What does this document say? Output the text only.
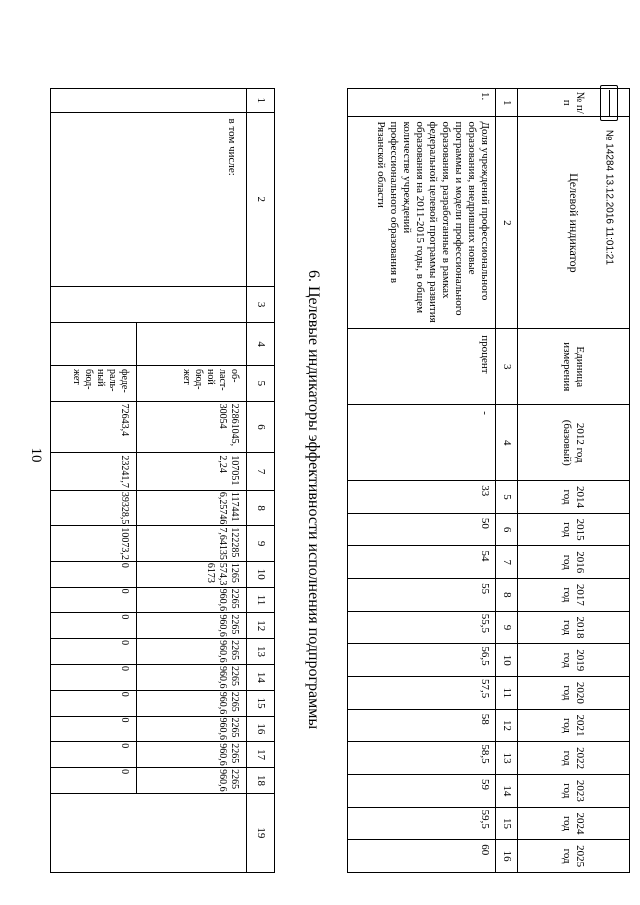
1	2	3	4	5	6	7	8	9	10	11	12	13	14	15	16	17	18	19
	в том числе:			об-
ласт-
ной
бюд-
жет	22861045,30054	1070512,24	1174416,25746	1222857,64135	1265574,36173	2265960,6	2265960,6	2265960,6	2265960,6	2265960,6	2265960,6	2265960,6	2265960,6	
				феде-
раль-
ный
бюд-
жет	72643,4	23241,7	39328,5	10073,2	0	0	0	0	0	0	0	0	0	
10	6. Целевые индикаторы эффективности исполнения подпрограммы
№ п/п	Целевой индикатор	Единица измерения	2012 год (базовый)	2014 год	2015 год	2016 год	2017 год	2018 год	2019 год	2020 год	2021 год	2022 год	2023 год	2024 год	2025 год
1	2	3	4	5	6	7	8	9	10	11	12	13	14	15	16
1.	Доля учреждений профессионального образования, внедривших новые программы и модели профессионального образования, разработанные в рамках федеральной целевой программы развития образования на 2011-2015 годы, в общем количестве учреждений профессионального образования в Рязанской области	процент	-	33	50	54	55	55,5	56,5	57,5	58	58,5	59	59,5	60
№ 14284 13.12.2016 11:01:21
